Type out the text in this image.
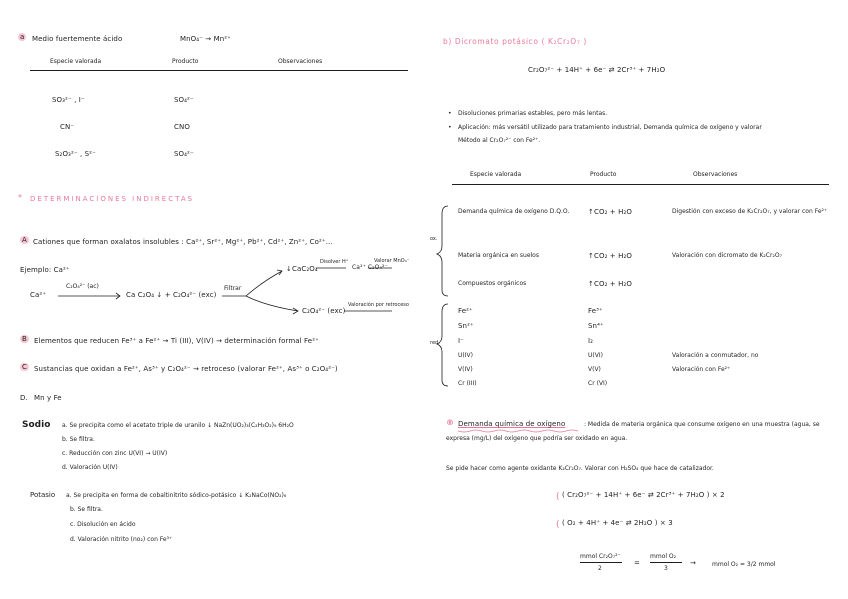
a Medio fuertemente ácido	MnO₄⁻ → Mn²⁺
Especie valorada	Producto	Observaciones
SO₃²⁻ , I⁻	SO₄²⁻
CN⁻	CNO
S₂O₃²⁻ , S²⁻	SO₄²⁻
* DETERMINACIONES INDIRECTAS
A Cationes que forman oxalatos insolubles : Ca²⁺, Sr²⁺, Mg²⁺, Pb²⁺, Cd²⁺, Zn²⁺, Co²⁺...
Ejemplo: Ca²⁺
Ca²⁺
C₂O₄²⁻ (ac)
Ca C₂O₄ ↓ + C₂O₄²⁻ (exc)
Filtrar
↓CaC₂O₄
Disolver H⁺
Ca²⁺ C₂O₄²⁻
Valorar MnO₄⁻
C₂O₄²⁻ (exc)
Valoración por retroceso
B Elementos que reducen Fe³⁺ a Fe²⁺ → Ti (III), V(IV) → determinación formal Fe²⁺
C Sustancias que oxidan a Fe²⁺, As³⁺ y C₂O₄²⁻ → retroceso (valorar Fe²⁺, As³⁺ o C₂O₄²⁻)
D. Mn y Fe
Sodio a. Se precipita como el acetato triple de uranilo ↓ NaZn(UO₂)₃(C₂H₃O₂)₉ 6H₂O
b. Se filtra.
c. Reducción con zinc U(VI) → U(IV)
d. Valoración U(IV)
Potasio a. Se precipita en forma de cobaltinitrito sódico-potásico ↓ K₂NaCo(NO₂)₆
b. Se filtra.
c. Disolución en ácido
d. Valoración nitrito (no₂) con Fe³⁺
b) Dicromato potásico ( K₂Cr₂O₇ )
Cr₂O₇²⁻ + 14H⁺ + 6e⁻ ⇄ 2Cr³⁺ + 7H₂O
• Disoluciones primarias estables, pero más lentas.
• Aplicación: más versátil utilizado para tratamiento industrial, Demanda química de oxígeno y valorar
Método al Cr₂O₇²⁻ con Fe²⁺.
Especie valorada	Producto	Observaciones
Demanda química de oxígeno D.Q.O.	↑CO₂ + H₂O	Digestión con exceso de K₂Cr₂O₇, y valorar con Fe²⁺
Materia orgánica en suelos	↑CO₂ + H₂O	Valoración con dicromato de K₂Cr₂O₇
Compuestos orgánicos	↑CO₂ + H₂O
Fe²⁺	Fe³⁺
Sn²⁺	Sn⁴⁺
I⁻	I₂
U(IV)	U(VI)	Valoración a conmutador, no
V(IV)	V(V)	Valoración con Fe²⁺
Cr (III)	Cr (VI)
ox.
red.
® Demanda química de oxígeno	: Medida de materia orgánica que consume oxígeno en una muestra (agua, se
expresa (mg/L) del oxígeno que podría ser oxidado en agua.
Se pide hacer como agente oxidante K₂Cr₂O₇. Valorar con H₂SO₄ que hace de catalizador.
( Cr₂O₇²⁻ + 14H⁺ + 6e⁻ ⇄ 2Cr³⁺ + 7H₂O ) × 2
( O₂ + 4H⁺ + 4e⁻ ⇄ 2H₂O ) × 3
mmol Cr₂O₇²⁻
2
=
mmol O₂
3
→	mmol O₂ = 3/2 mmol
(
(
